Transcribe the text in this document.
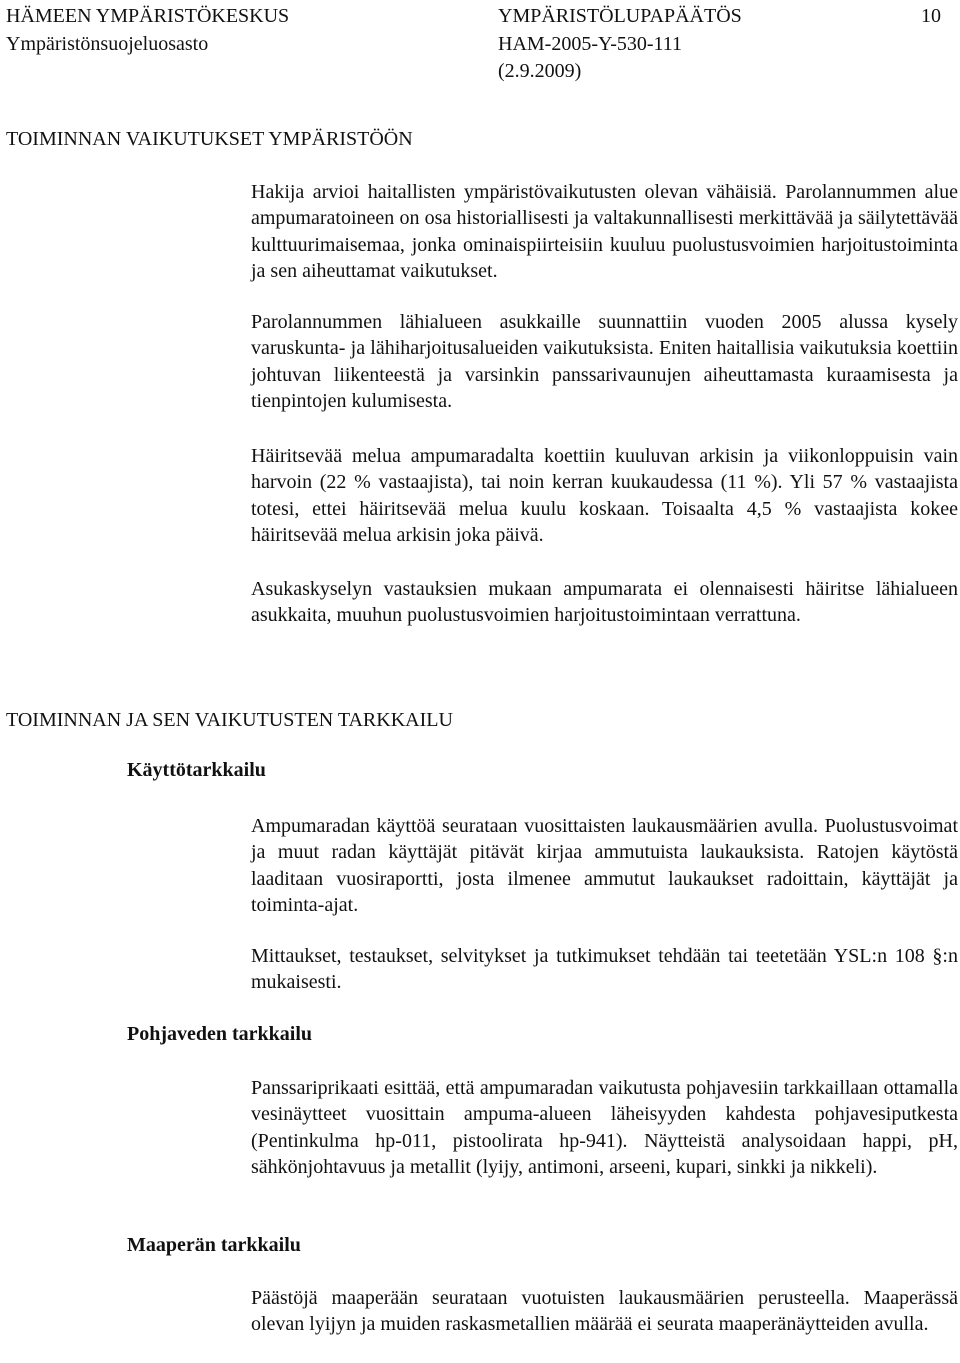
HÄMEEN YMPÄRISTÖKESKUS

Ympäristönsuojeluosasto

YMPÄRISTÖLUPAPÄÄTÖS

HAM-2005-Y-530-111

(2.9.2009)

10

TOIMINNAN VAIKUTUKSET YMPÄRISTÖÖN

Hakija arvioi haitallisten ympäristövaikutusten olevan vähäisiä. Parolannummen alue ampumaratoineen on osa historiallisesti ja valtakunnallisesti merkittävää ja säilytettävää kulttuurimaisemaa, jonka ominaispiirteisiin kuuluu puolustusvoimien harjoitustoiminta ja sen aiheuttamat vaikutukset.

Parolannummen lähialueen asukkaille suunnattiin vuoden 2005 alussa kysely varuskunta- ja lähiharjoitusalueiden vaikutuksista. Eniten haitallisia vaikutuksia koettiin johtuvan liikenteestä ja varsinkin panssarivaunujen aiheuttamasta kuraamisesta ja tienpintojen kulumisesta.

Häiritsevää melua ampumaradalta koettiin kuuluvan arkisin ja viikonloppuisin vain harvoin (22 % vastaajista), tai noin kerran kuukaudessa (11 %). Yli 57 % vastaajista totesi, ettei häiritsevää melua kuulu koskaan. Toisaalta 4,5 % vastaajista kokee häiritsevää melua arkisin joka päivä.

Asukaskyselyn vastauksien mukaan ampumarata ei olennaisesti häiritse lähialueen asukkaita, muuhun puolustusvoimien harjoitustoimintaan verrattuna.

TOIMINNAN JA SEN VAIKUTUSTEN TARKKAILU
Käyttötarkkailu

Ampumaradan käyttöä seurataan vuosittaisten laukausmäärien avulla. Puolustusvoimat ja muut radan käyttäjät pitävät kirjaa ammutuista laukauksista. Ratojen käytöstä laaditaan vuosiraportti, josta ilmenee ammutut laukaukset radoittain, käyttäjät ja toiminta-ajat.

Mittaukset, testaukset, selvitykset ja tutkimukset tehdään tai teetetään YSL:n 108 §:n mukaisesti.

Pohjaveden tarkkailu

Panssariprikaati esittää, että ampumaradan vaikutusta pohjavesiin tarkkaillaan ottamalla vesinäytteet vuosittain ampuma-alueen läheisyyden kahdesta pohjavesiputkesta (Pentinkulma hp-011, pistoolirata hp-941). Näytteistä analysoidaan happi, pH, sähkönjohtavuus ja metallit (lyijy, antimoni, arseeni, kupari, sinkki ja nikkeli).

Maaperän tarkkailu

Päästöjä maaperään seurataan vuotuisten laukausmäärien perusteella. Maaperässä olevan lyijyn ja muiden raskasmetallien määrää ei seurata maaperänäytteiden avulla.
